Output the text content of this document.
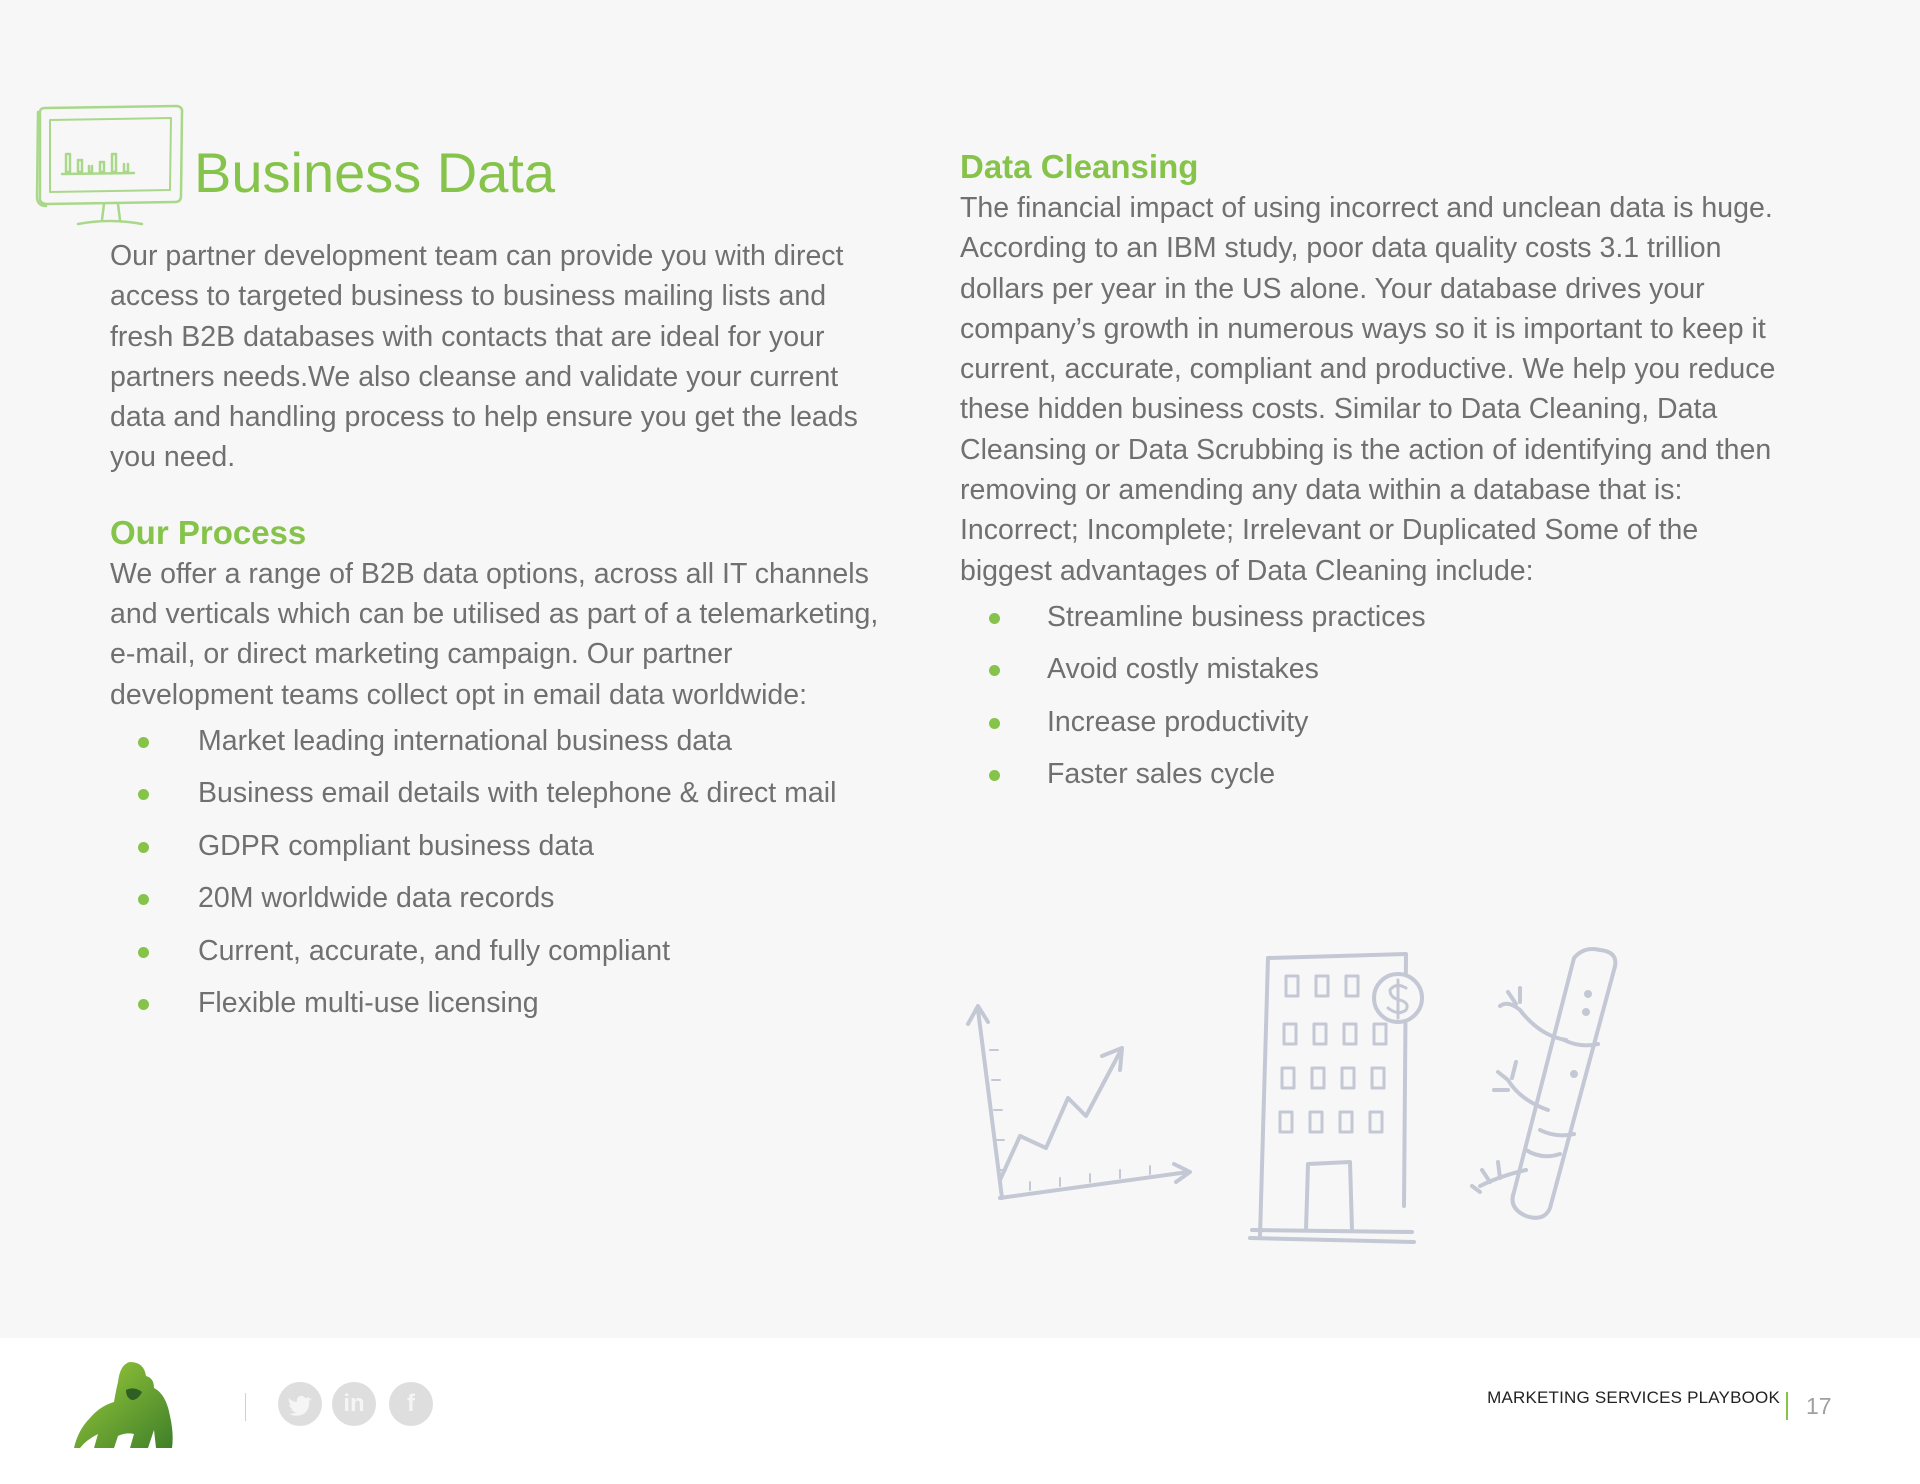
Business Data

Our partner development team can provide you with direct access to targeted business to business mailing lists and fresh B2B databases with contacts that are ideal for your partners needs.We also cleanse and validate your current data and handling process to help ensure you get the leads you need.

Our Process

We offer a range of B2B data options, across all IT channels and verticals which can be utilised as part of a telemarketing, e-mail, or direct marketing campaign. Our partner development teams collect opt in email data worldwide:

Market leading international business data
Business email details with telephone & direct mail
GDPR compliant business data
20M worldwide data records
Current, accurate, and fully compliant
Flexible multi-use licensing
Data Cleansing

The financial impact of using incorrect and unclean data is huge. According to an IBM study, poor data quality costs 3.1 trillion dollars per year in the US alone. Your database drives your company’s growth in numerous ways so it is important to keep it current, accurate, compliant and productive. We help you reduce these hidden business costs. Similar to Data Cleaning, Data Cleansing or Data Scrubbing is the action of identifying and then removing or amending any data within a database that is: Incorrect; Incomplete; Irrelevant or Duplicated Some of the biggest advantages of Data Cleaning include:

Streamline business practices
Avoid costly mistakes
Increase productivity
Faster sales cycle
in	f	MARKETING SERVICES PLAYBOOK 17
